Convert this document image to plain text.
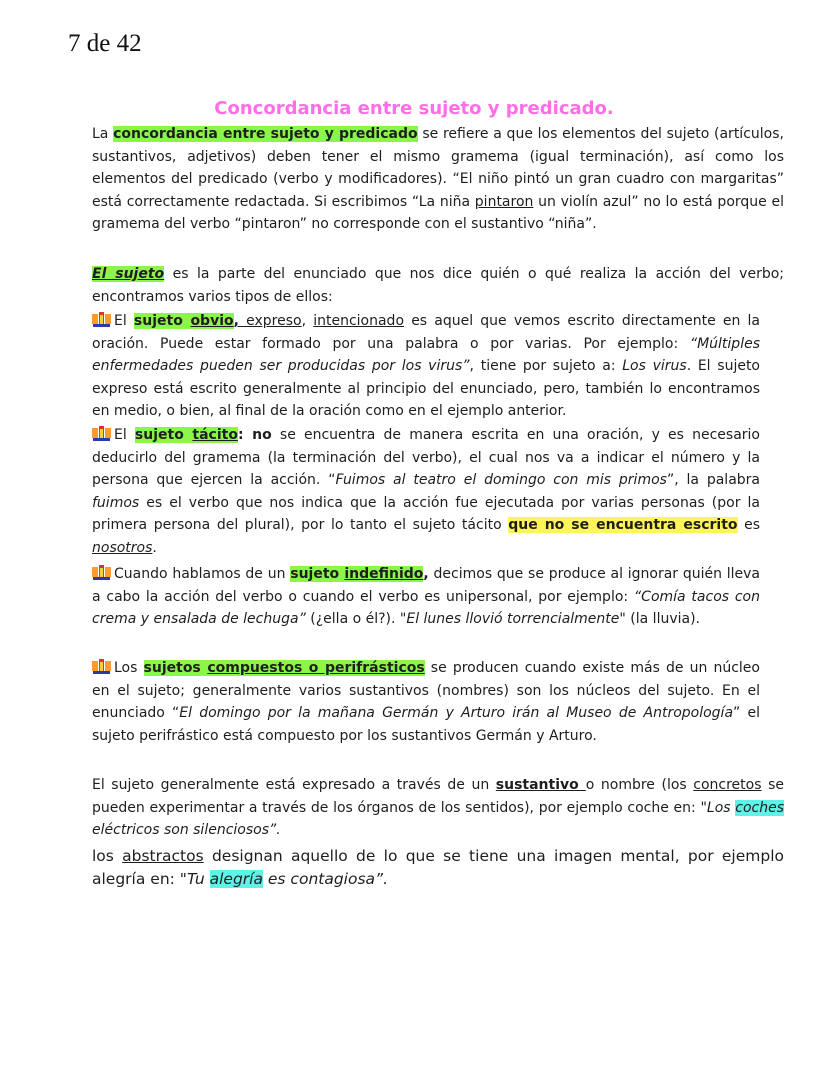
7 de 42
Concordancia entre sujeto y predicado.
La concordancia entre sujeto y predicado se refiere a que los elementos del sujeto (artículos, sustantivos, adjetivos) deben tener el mismo gramema (igual terminación), así como los elementos del predicado (verbo y modificadores). “El niño pintó un gran cuadro con margaritas” está correctamente redactada. Si escribimos “La niña pintaron un violín azul” no lo está porque el gramema del verbo “pintaron” no corresponde con el sustantivo “niña”.
El sujeto es la parte del enunciado que nos dice quién o qué realiza la acción del verbo; encontramos varios tipos de ellos:
El sujeto obvio, expreso, intencionado es aquel que vemos escrito directamente en la oración. Puede estar formado por una palabra o por varias. Por ejemplo: “Múltiples enfermedades pueden ser producidas por los virus”, tiene por sujeto a: Los virus. El sujeto expreso está escrito generalmente al principio del enunciado, pero, también lo encontramos en medio, o bien, al final de la oración como en el ejemplo anterior.
El sujeto tácito: no se encuentra de manera escrita en una oración, y es necesario deducirlo del gramema (la terminación del verbo), el cual nos va a indicar el número y la persona que ejercen la acción. “Fuimos al teatro el domingo con mis primos”, la palabra fuimos es el verbo que nos indica que la acción fue ejecutada por varias personas (por la primera persona del plural), por lo tanto el sujeto tácito que no se encuentra escrito es nosotros.
Cuando hablamos de un sujeto indefinido, decimos que se produce al ignorar quién lleva a cabo la acción del verbo o cuando el verbo es unipersonal, por ejemplo: “Comía tacos con crema y ensalada de lechuga” (¿ella o él?). "El lunes llovió torrencialmente" (la lluvia).
Los sujetos compuestos o perifrásticos se producen cuando existe más de un núcleo en el sujeto; generalmente varios sustantivos (nombres) son los núcleos del sujeto. En el enunciado “El domingo por la mañana Germán y Arturo irán al Museo de Antropología” el sujeto perifrástico está compuesto por los sustantivos Germán y Arturo.
El sujeto generalmente está expresado a través de un sustantivo o nombre (los concretos se pueden experimentar a través de los órganos de los sentidos), por ejemplo coche en: "Los coches eléctricos son silenciosos”.
los abstractos designan aquello de lo que se tiene una imagen mental, por ejemplo alegría en: "Tu alegría es contagiosa”.
